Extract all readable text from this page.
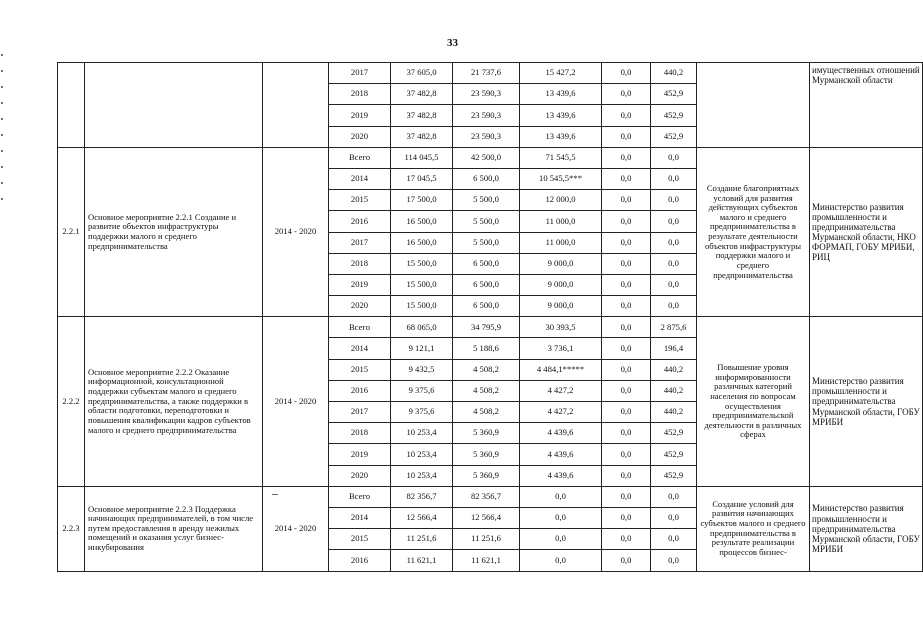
33
			2017	37 605,0	21 737,6	15 427,2	0,0	440,2		имущественных отношений Мурманской области
			2018	37 482,8	23 590,3	13 439,6	0,0	452,9		
			2019	37 482,8	23 590,3	13 439,6	0,0	452,9		
			2020	37 482,8	23 590,3	13 439,6	0,0	452,9		
2.2.1	Основное мероприятие 2.2.1 Создание и развитие объектов инфраструктуры поддержки малого и среднего предпринимательства	2014 - 2020	Всего	114 045,5	42 500,0	71 545,5	0,0	0,0	Создание благоприятных условий для развития действующих субъектов малого и среднего предпринимательства в результате деятельности объектов инфраструктуры поддержки малого и среднего предпринимательства	Министерство развития промышленности и предпринимательства Мурманской области, НКО ФОРМАП, ГОБУ МРИБИ, РИЦ
			2014	17 045,5	6 500,0	10 545,5***	0,0	0,0		
			2015	17 500,0	5 500,0	12 000,0	0,0	0,0		
			2016	16 500,0	5 500,0	11 000,0	0,0	0,0		
			2017	16 500,0	5 500,0	11 000,0	0,0	0,0		
			2018	15 500,0	6 500,0	9 000,0	0,0	0,0		
			2019	15 500,0	6 500,0	9 000,0	0,0	0,0		
			2020	15 500,0	6 500,0	9 000,0	0,0	0,0		
2.2.2	Основное мероприятие 2.2.2 Оказание информационной, консультационной поддержки субъектам малого и среднего предпринимательства, а также поддержки в области подготовки, переподготовки и повышения квалификации кадров субъектов малого и среднего предпринимательства	2014 - 2020	Всего	68 065,0	34 795,9	30 393,5	0,0	2 875,6	Повышение уровня информированности различных категорий населения по вопросам осуществления предпринимательской деятельности в различных сферах	Министерство развития промышленности и предпринимательства Мурманской области, ГОБУ МРИБИ
			2014	9 121,1	5 188,6	3 736,1	0,0	196,4		
			2015	9 432,5	4 508,2	4 484,1*****	0,0	440,2		
			2016	9 375,6	4 508,2	4 427,2	0,0	440,2		
			2017	9 375,6	4 508,2	4 427,2	0,0	440,2		
			2018	10 253,4	5 360,9	4 439,6	0,0	452,9		
			2019	10 253,4	5 360,9	4 439,6	0,0	452,9		
			2020	10 253,4	5 360,9	4 439,6	0,0	452,9		
2.2.3	Основное мероприятие 2.2.3 Поддержка начинающих предпринимателей, в том числе путем предоставления в аренду нежилых помещений и оказания услуг бизнес-инкубирования	2014 - 2020	Всего	82 356,7	82 356,7	0,0	0,0	0,0	Создание условий для развития начинающих субъектов малого и среднего предпринимательства в результате реализации процессов бизнес-	Министерство развития промышленности и предпринимательства Мурманской области, ГОБУ МРИБИ
			2014	12 566,4	12 566,4	0,0	0,0	0,0		
			2015	11 251,6	11 251,6	0,0	0,0	0,0		
			2016	11 621,1	11 621,1	0,0	0,0	0,0		
